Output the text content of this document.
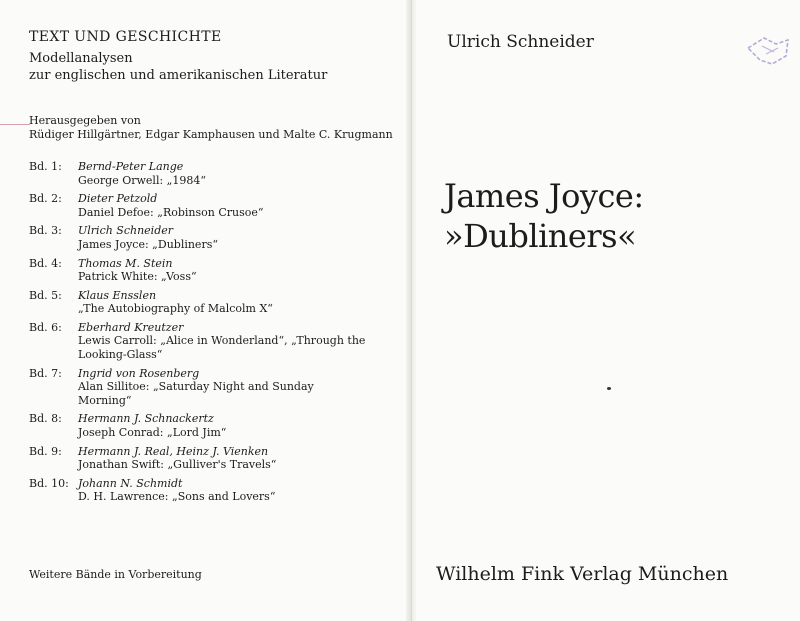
TEXT UND GESCHICHTE
Modellanalysen
zur englischen und amerikanischen Literatur
Herausgegeben von
Rüdiger Hillgärtner, Edgar Kamphausen und Malte C. Krugmann
Bd. 1: Bernd-Peter Lange
George Orwell: „1984“
Bd. 2: Dieter Petzold
Daniel Defoe: „Robinson Crusoe“
Bd. 3: Ulrich Schneider
James Joyce: „Dubliners“
Bd. 4: Thomas M. Stein
Patrick White: „Voss“
Bd. 5: Klaus Ensslen
„The Autobiography of Malcolm X“
Bd. 6: Eberhard Kreutzer
Lewis Carroll: „Alice in Wonderland“, „Through the
Looking-Glass“
Bd. 7: Ingrid von Rosenberg
Alan Sillitoe: „Saturday Night and Sunday Morning“
Bd. 8: Hermann J. Schnackertz
Joseph Conrad: „Lord Jim“
Bd. 9: Hermann J. Real, Heinz J. Vienken
Jonathan Swift: „Gulliver's Travels“
Bd. 10: Johann N. Schmidt
D. H. Lawrence: „Sons and Lovers“
Weitere Bände in Vorbereitung
Ulrich Schneider
James Joyce:
»Dubliners«
Wilhelm Fink Verlag München
